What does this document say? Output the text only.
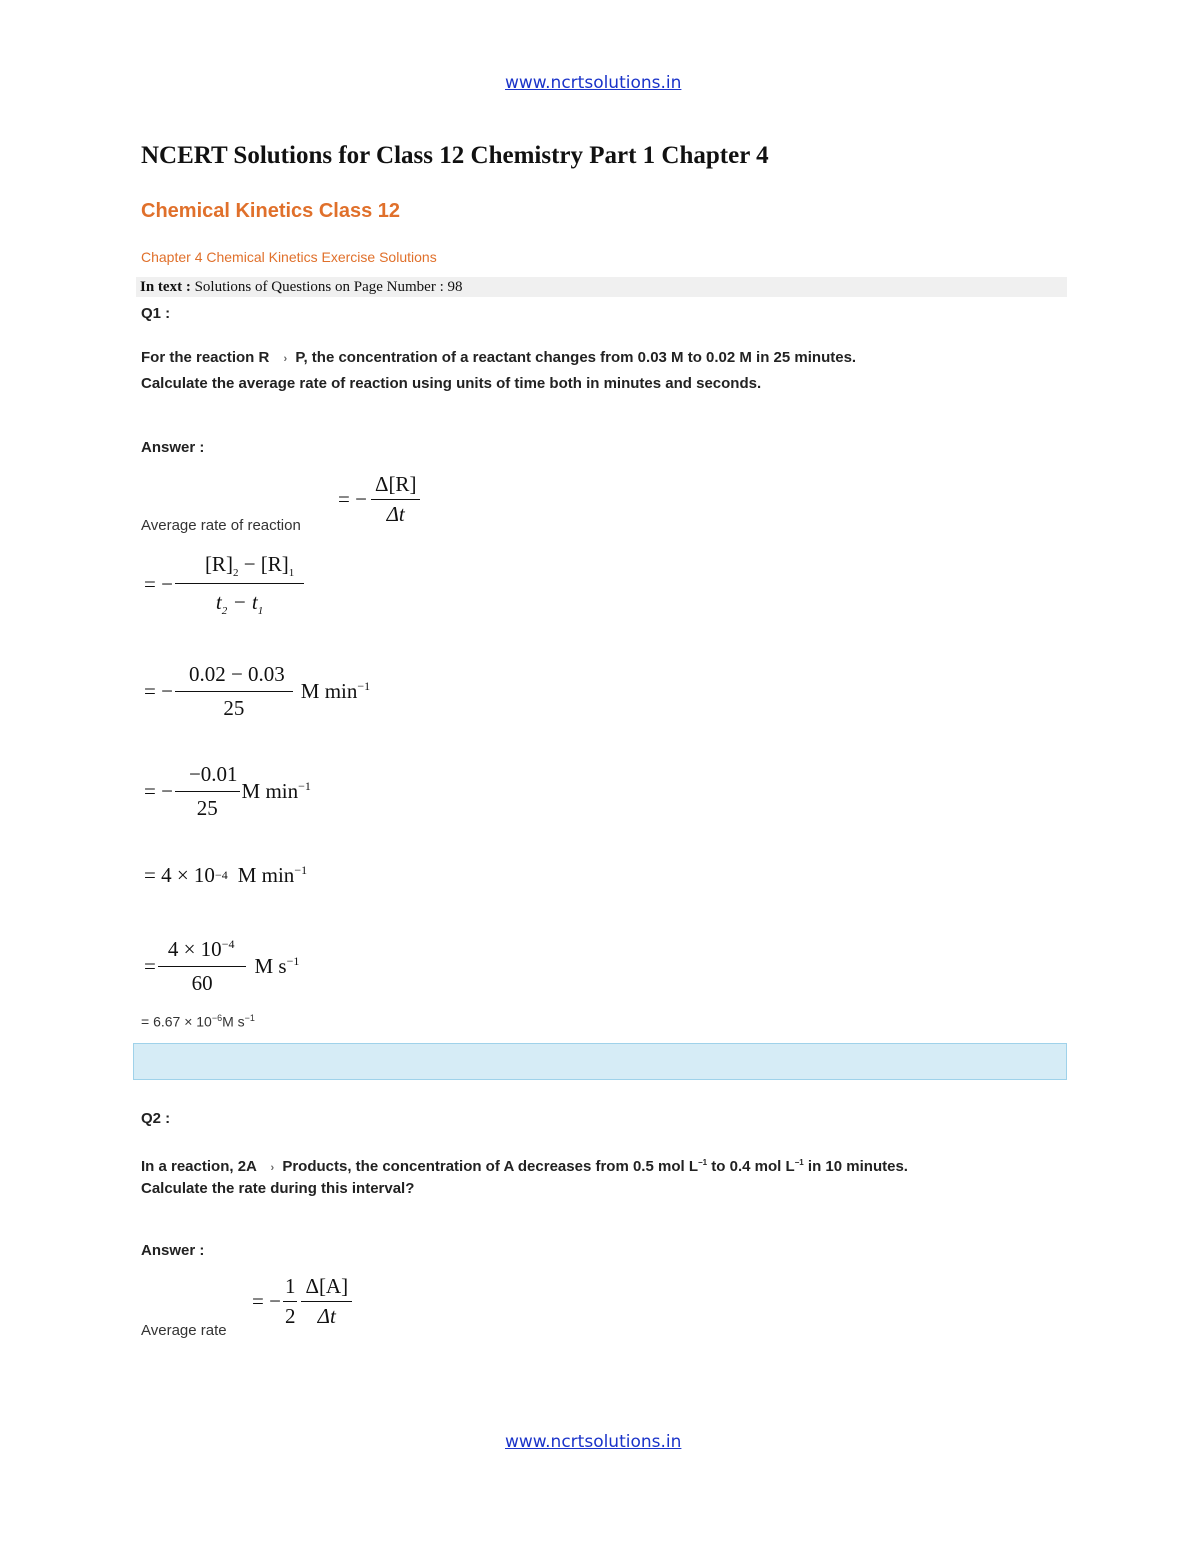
www.ncrtsolutions.in
NCERT Solutions for Class 12 Chemistry Part 1 Chapter 4
Chemical Kinetics Class 12
Chapter 4 Chemical Kinetics Exercise Solutions
In text : Solutions of Questions on Page Number : 98
Q1 :
For the reaction R › P, the concentration of a reactant changes from 0.03 M to 0.02 M in 25 minutes.
Calculate the average rate of reaction using units of time both in minutes and seconds.
Answer :
Average rate of reaction
= − $\frac{\Delta[R]}{\Delta t}$
= − $\frac{[R]_2 - [R]_1}{t_2 - t_1}$
= − $\frac{0.02 - 0.03}{25}$ M $\min^{-1}$
= − $\frac{-0.01}{25}$ M $\min^{-1}$
= 4 × 10 −4 M $\min^{-1}$
= $\frac{4 \times 10^{-4}}{60}$ M $s^{-1}$
= $6.67 \times 10^{-6}M$ $s^{-1}$
Q2 :
In a reaction, 2A › Products, the concentration of A decreases from 0.5 mol $L^{-1}$ to 0.4 mol $L^{-1}$ in 10 minutes.
Calculate the rate during this interval?
Answer :
Average rate
= − $\frac{1}{2} \frac{\Delta[A]}{\Delta t}$
www.ncrtsolutions.in
